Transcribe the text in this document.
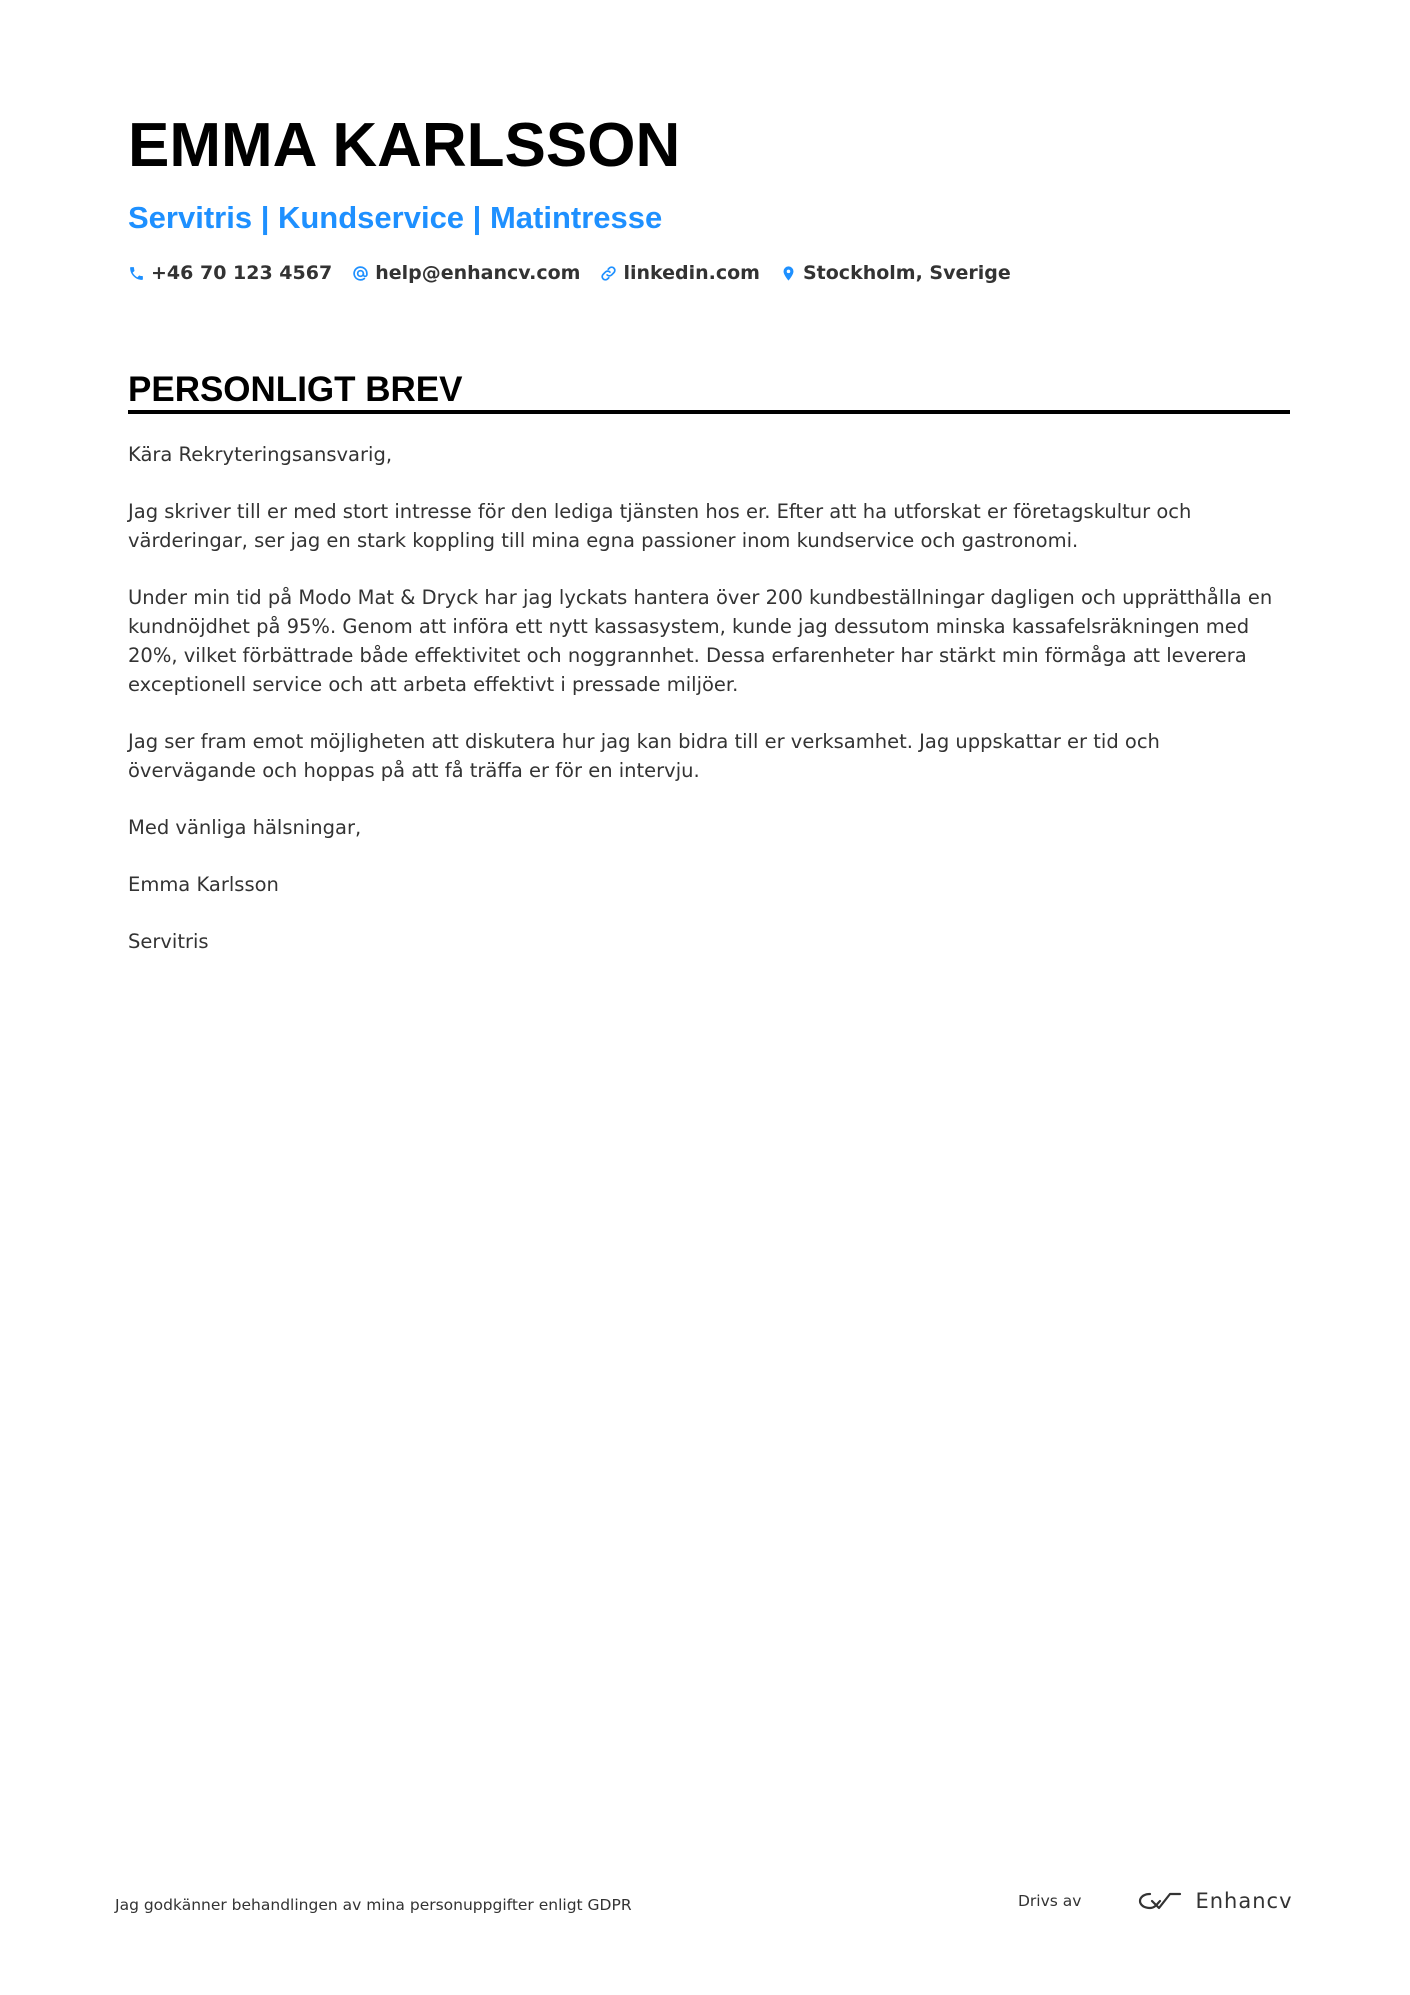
EMMA KARLSSON
Servitris | Kundservice | Matintresse
+46 70 123 4567 help@enhancv.com linkedin.com Stockholm, Sverige
PERSONLIGT BREV

Kära Rekryteringsansvarig,

Jag skriver till er med stort intresse för den lediga tjänsten hos er. Efter att ha utforskat er företagskultur och värderingar, ser jag en stark koppling till mina egna passioner inom kundservice och gastronomi.

Under min tid på Modo Mat & Dryck har jag lyckats hantera över 200 kundbeställningar dagligen och upprätthålla en kundnöjdhet på 95%. Genom att införa ett nytt kassasystem, kunde jag dessutom minska kassafelsräkningen med 20%, vilket förbättrade både effektivitet och noggrannhet. Dessa erfarenheter har stärkt min förmåga att leverera exceptionell service och att arbeta effektivt i pressade miljöer.

Jag ser fram emot möjligheten att diskutera hur jag kan bidra till er verksamhet. Jag uppskattar er tid och övervägande och hoppas på att få träffa er för en intervju.

Med vänliga hälsningar,

Emma Karlsson

Servitris

Jag godkänner behandlingen av mina personuppgifter enligt GDPR	Drivs av	Enhancv
